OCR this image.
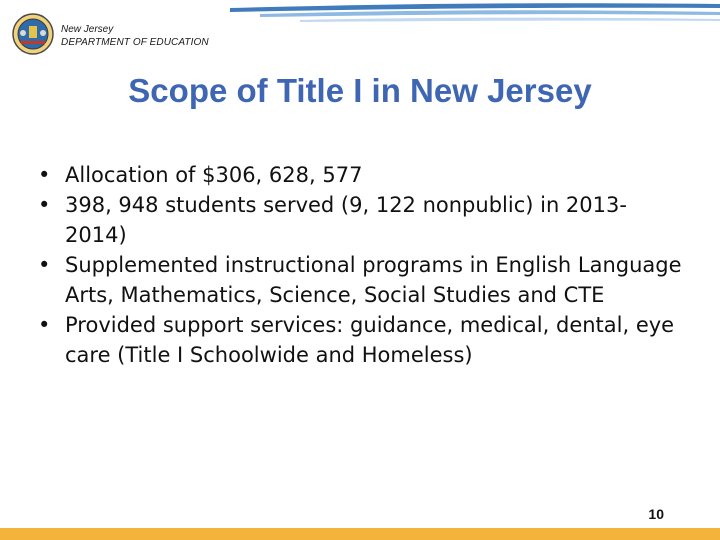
New Jersey
DEPARTMENT OF EDUCATION
Scope of Title I in New Jersey
• Allocation of $306, 628, 577
• 398, 948 students served (9, 122 nonpublic) in 2013-2014)
• Supplemented instructional programs in English Language Arts, Mathematics, Science, Social Studies and CTE
• Provided support services: guidance, medical, dental, eye care (Title I Schoolwide and Homeless)
10
